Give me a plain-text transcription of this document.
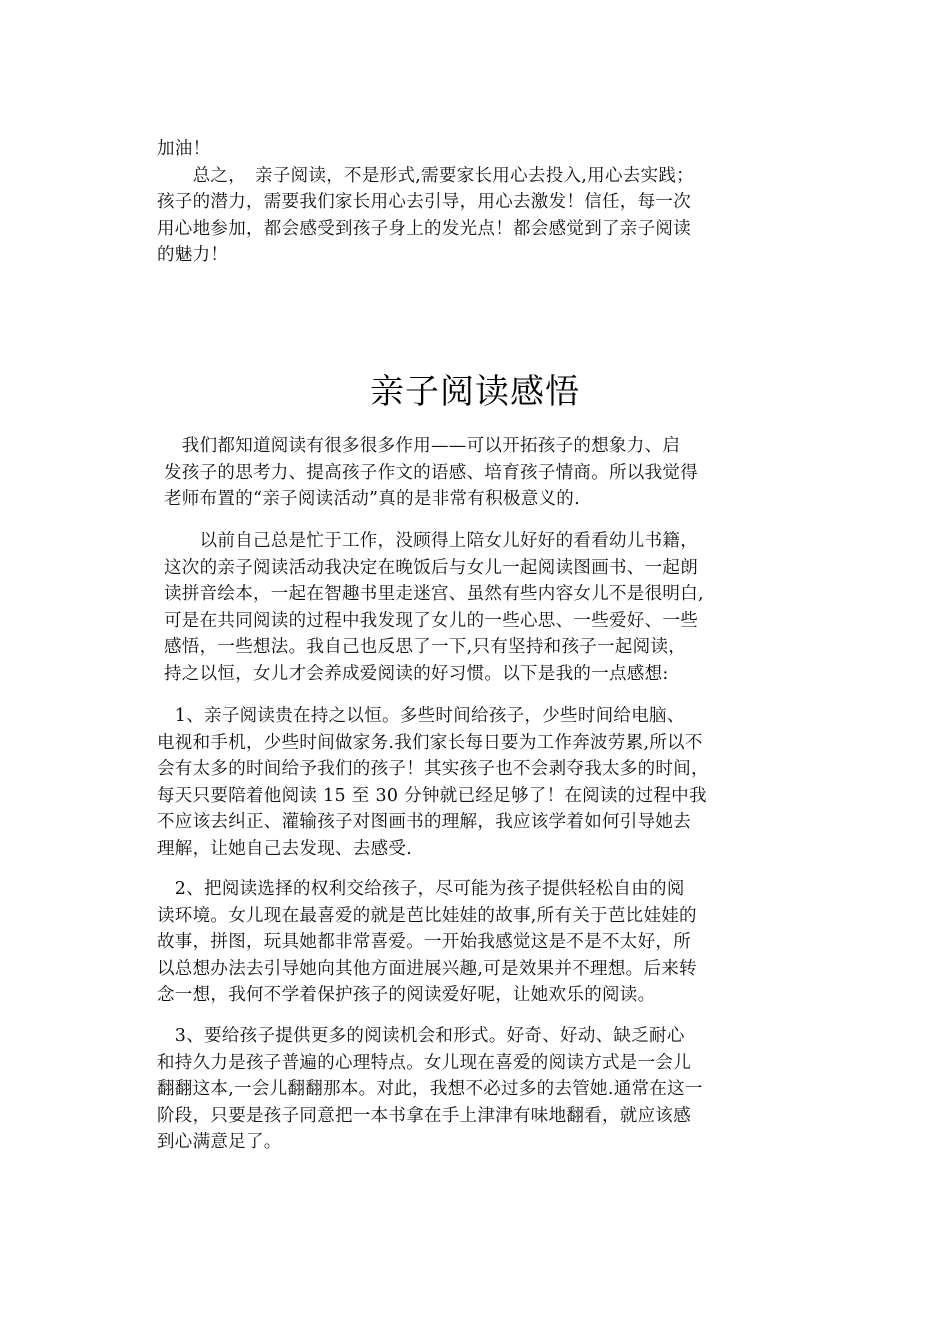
加油！
　　总之，　亲子阅读，不是形式,需要家长用心去投入,用心去实践；
孩子的潜力，需要我们家长用心去引导，用心去激发！信任，每一次
用心地参加，都会感受到孩子身上的发光点！都会感觉到了亲子阅读
的魅力！
亲子阅读感悟
　我们都知道阅读有很多很多作用——可以开拓孩子的想象力、启
发孩子的思考力、提高孩子作文的语感、培育孩子情商。所以我觉得
老师布置的“亲子阅读活动”真的是非常有积极意义的.
　　以前自己总是忙于工作，没顾得上陪女儿好好的看看幼儿书籍，
这次的亲子阅读活动我决定在晚饭后与女儿一起阅读图画书、一起朗
读拼音绘本，一起在智趣书里走迷宫、虽然有些内容女儿不是很明白,
可是在共同阅读的过程中我发现了女儿的一些心思、一些爱好、一些
感悟，一些想法。我自己也反思了一下,只有坚持和孩子一起阅读，
持之以恒，女儿才会养成爱阅读的好习惯。以下是我的一点感想:
　1、亲子阅读贵在持之以恒。多些时间给孩子，少些时间给电脑、
电视和手机，少些时间做家务.我们家长每日要为工作奔波劳累,所以不
会有太多的时间给予我们的孩子！其实孩子也不会剥夺我太多的时间，
每天只要陪着他阅读 15 至 30 分钟就已经足够了！在阅读的过程中我
不应该去纠正、灌输孩子对图画书的理解，我应该学着如何引导她去
理解，让她自己去发现、去感受.
　2、把阅读选择的权利交给孩子，尽可能为孩子提供轻松自由的阅
读环境。女儿现在最喜爱的就是芭比娃娃的故事,所有关于芭比娃娃的
故事，拼图，玩具她都非常喜爱。一开始我感觉这是不是不太好，所
以总想办法去引导她向其他方面进展兴趣,可是效果并不理想。后来转
念一想，我何不学着保护孩子的阅读爱好呢，让她欢乐的阅读。
　3、要给孩子提供更多的阅读机会和形式。好奇、好动、缺乏耐心
和持久力是孩子普遍的心理特点。女儿现在喜爱的阅读方式是一会儿
翻翻这本,一会儿翻翻那本。对此，我想不必过多的去管她.通常在这一
阶段，只要是孩子同意把一本书拿在手上津津有味地翻看，就应该感
到心满意足了。
